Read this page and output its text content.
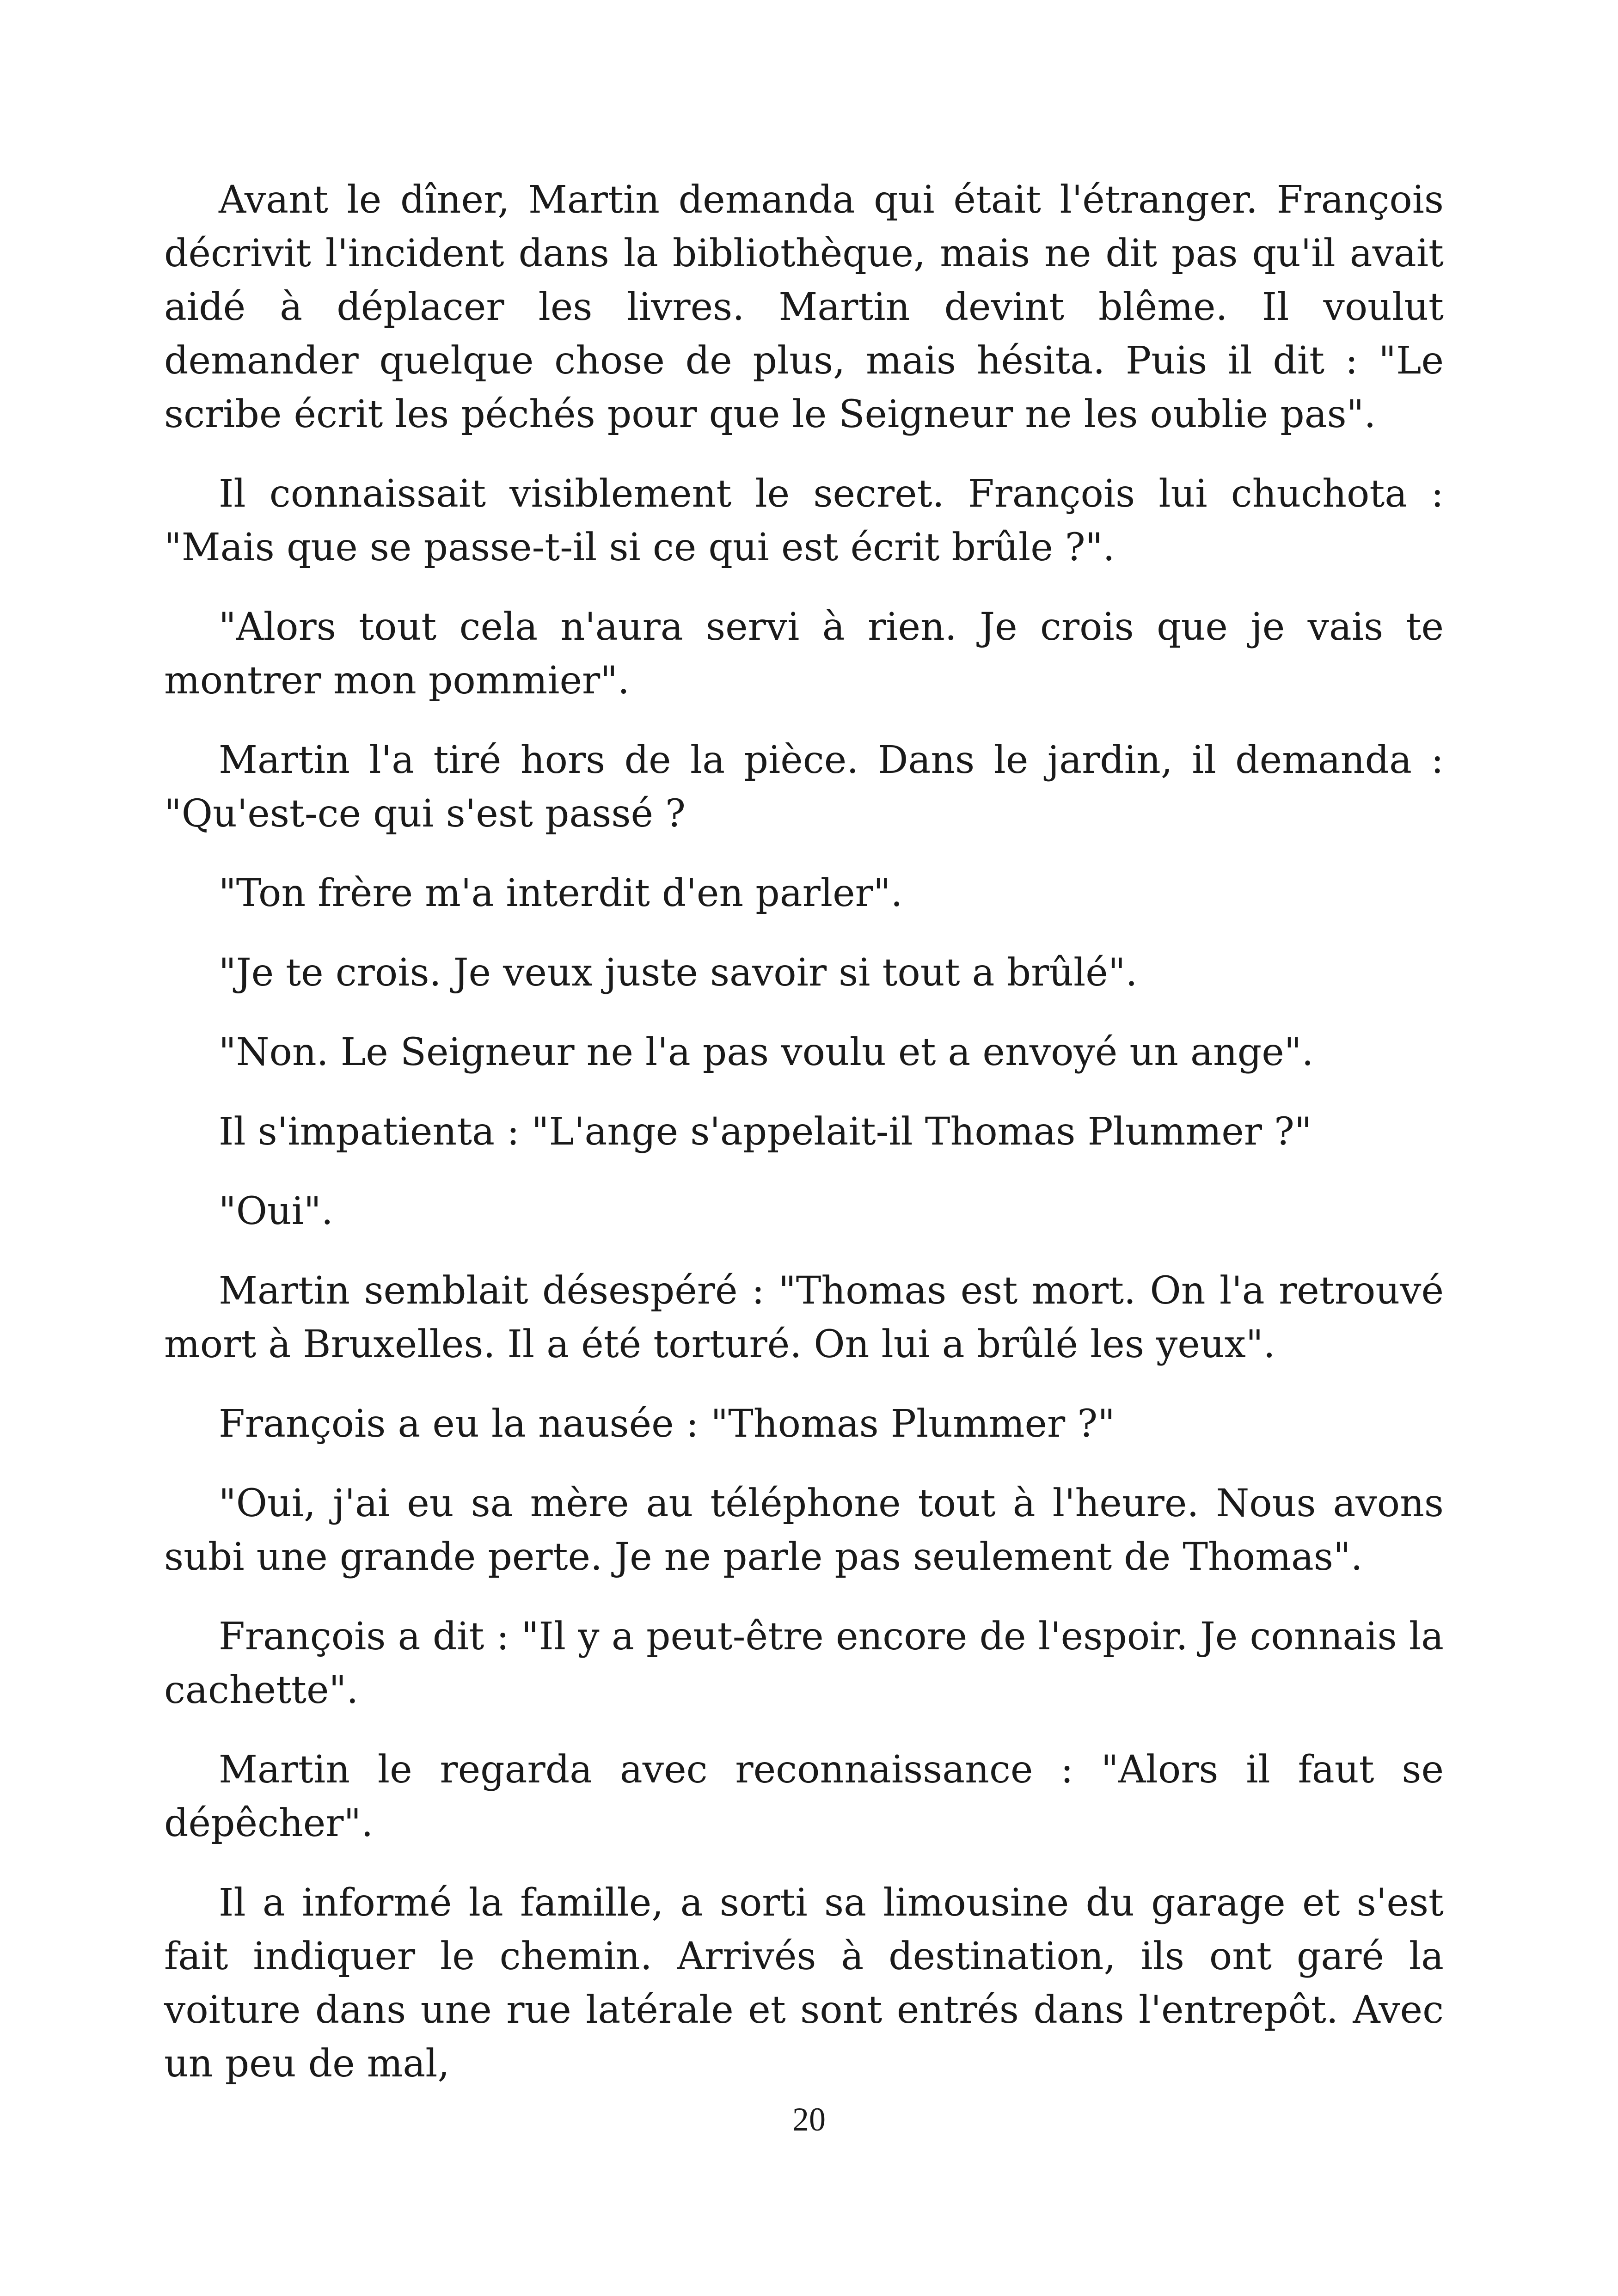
Avant le dîner, Martin demanda qui était l'étranger. François décrivit l'incident dans la bibliothèque, mais ne dit pas qu'il avait aidé à déplacer les livres. Martin devint blême. Il voulut demander quelque chose de plus, mais hésita. Puis il dit : "Le scribe écrit les péchés pour que le Seigneur ne les oublie pas".

Il connaissait visiblement le secret. François lui chuchota : "Mais que se passe-t-il si ce qui est écrit brûle ?".

"Alors tout cela n'aura servi à rien. Je crois que je vais te montrer mon pommier".

Martin l'a tiré hors de la pièce. Dans le jardin, il demanda : "Qu'est-ce qui s'est passé ?

"Ton frère m'a interdit d'en parler".

"Je te crois. Je veux juste savoir si tout a brûlé".

"Non. Le Seigneur ne l'a pas voulu et a envoyé un ange".

Il s'impatienta : "L'ange s'appelait-il Thomas Plummer ?"

"Oui".

Martin semblait désespéré : "Thomas est mort. On l'a retrouvé mort à Bruxelles. Il a été torturé. On lui a brûlé les yeux".

François a eu la nausée : "Thomas Plummer ?"

"Oui, j'ai eu sa mère au téléphone tout à l'heure. Nous avons subi une grande perte. Je ne parle pas seulement de Thomas".

François a dit : "Il y a peut-être encore de l'espoir. Je connais la cachette".

Martin le regarda avec reconnaissance : "Alors il faut se dépêcher".

Il a informé la famille, a sorti sa limousine du garage et s'est fait indiquer le chemin. Arrivés à destination, ils ont garé la voiture dans une rue latérale et sont entrés dans l'entrepôt. Avec un peu de mal,

20
